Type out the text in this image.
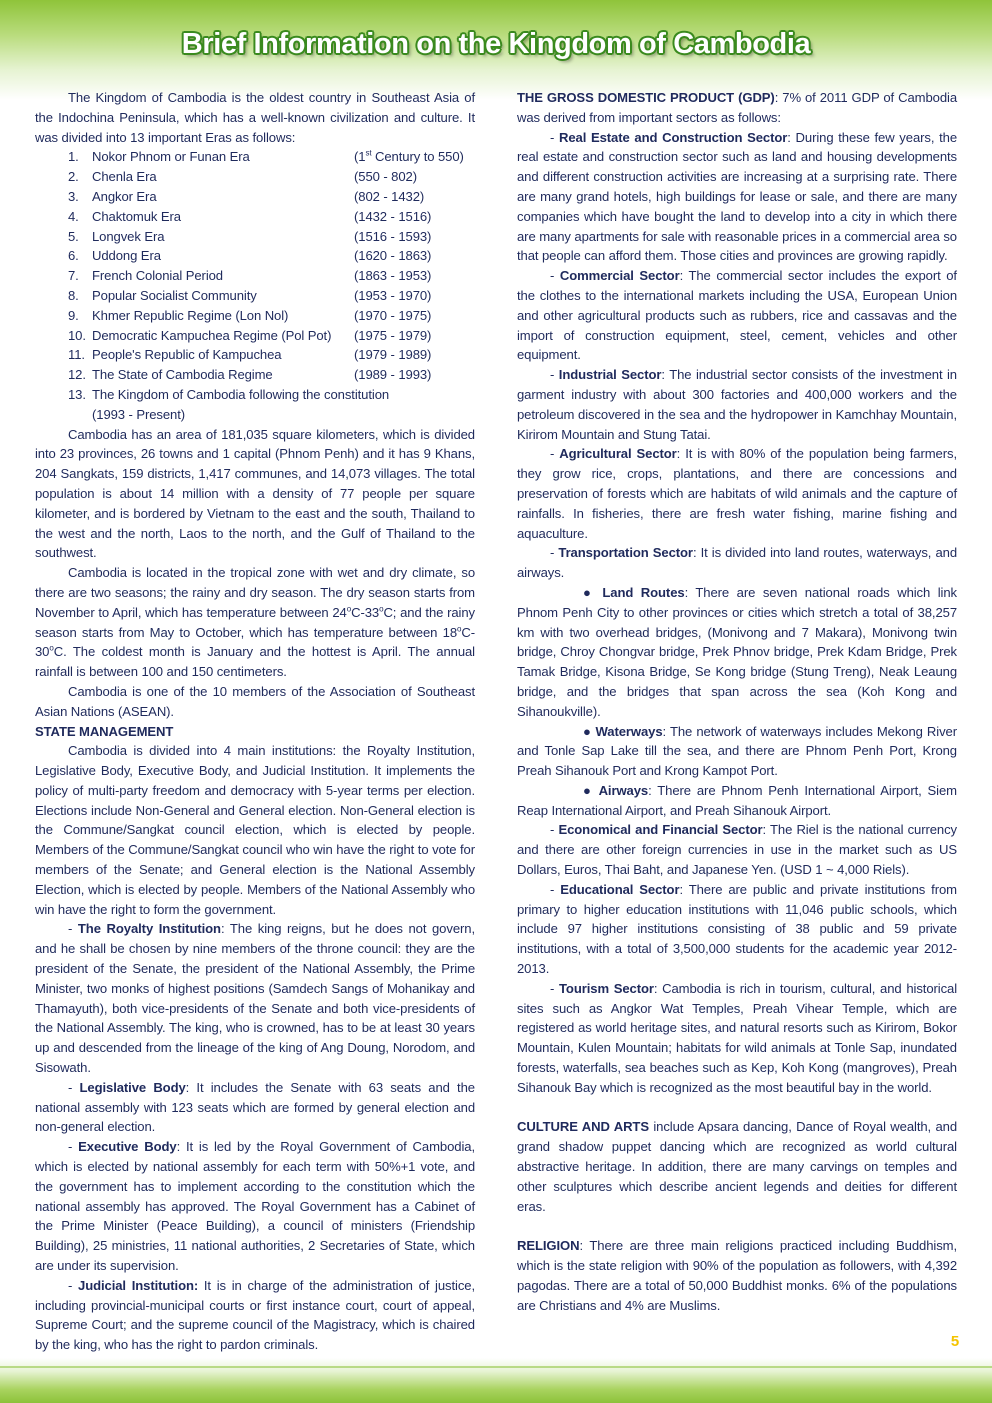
Brief Information on the Kingdom of Cambodia

The Kingdom of Cambodia is the oldest country in Southeast Asia of the Indochina Peninsula, which has a well-known civilization and culture. It was divided into 13 important Eras as follows:

1. Nokor Phnom or Funan Era	(1st Century to 550)
2. Chenla Era	(550 - 802)
3. Angkor Era	(802 - 1432)
4. Chaktomuk Era	(1432 - 1516)
5. Longvek Era	(1516 - 1593)
6. Uddong Era	(1620 - 1863)
7. French Colonial Period	(1863 - 1953)
8. Popular Socialist Community	(1953 - 1970)
9. Khmer Republic Regime (Lon Nol)	(1970 - 1975)
10. Democratic Kampuchea Regime (Pol Pot) (1975 - 1979)
11. People's Republic of Kampuchea	(1979 - 1989)
12. The State of Cambodia Regime	(1989 - 1993)
13. The Kingdom of Cambodia following the constitution
(1993 - Present)

Cambodia has an area of 181,035 square kilometers, which is divided into 23 provinces, 26 towns and 1 capital (Phnom Penh) and it has 9 Khans, 204 Sangkats, 159 districts, 1,417 communes, and 14,073 villages. The total population is about 14 million with a density of 77 people per square kilometer, and is bordered by Vietnam to the east and the south, Thailand to the west and the north, Laos to the north, and the Gulf of Thailand to the southwest.

Cambodia is located in the tropical zone with wet and dry climate, so there are two seasons; the rainy and dry season. The dry season starts from November to April, which has temperature between 24$^o$C-33$^o$C; and the rainy season starts from May to October, which has temperature between 18$^o$C-30$^o$C. The coldest month is January and the hottest is April. The annual rainfall is between 100 and 150 centimeters.

Cambodia is one of the 10 members of the Association of Southeast Asian Nations (ASEAN).

STATE MANAGEMENT

Cambodia is divided into 4 main institutions: the Royalty Institution, Legislative Body, Executive Body, and Judicial Institution. It implements the policy of multi-party freedom and democracy with 5-year terms per election. Elections include Non-General and General election. Non-General election is the Commune/Sangkat council election, which is elected by people. Members of the Commune/Sangkat council who win have the right to vote for members of the Senate; and General election is the National Assembly Election, which is elected by people. Members of the National Assembly who win have the right to form the government.

- The Royalty Institution: The king reigns, but he does not govern, and he shall be chosen by nine members of the throne council: they are the president of the Senate, the president of the National Assembly, the Prime Minister, two monks of highest positions (Samdech Sangs of Mohanikay and Thamayuth), both vice-presidents of the Senate and both vice-presidents of the National Assembly. The king, who is crowned, has to be at least 30 years up and descended from the lineage of the king of Ang Doung, Norodom, and Sisowath.

- Legislative Body: It includes the Senate with 63 seats and the national assembly with 123 seats which are formed by general election and non-general election.

- Executive Body: It is led by the Royal Government of Cambodia, which is elected by national assembly for each term with 50%+1 vote, and the government has to implement according to the constitution which the national assembly has approved. The Royal Government has a Cabinet of the Prime Minister (Peace Building), a council of ministers (Friendship Building), 25 ministries, 11 national authorities, 2 Secretaries of State, which are under its supervision.

- Judicial Institution: It is in charge of the administration of justice, including provincial-municipal courts or first instance court, court of appeal, Supreme Court; and the supreme council of the Magistracy, which is chaired by the king, who has the right to pardon criminals.

THE GROSS DOMESTIC PRODUCT (GDP): 7% of 2011 GDP of Cambodia was derived from important sectors as follows:

- Real Estate and Construction Sector: During these few years, the real estate and construction sector such as land and housing developments and different construction activities are increasing at a surprising rate. There are many grand hotels, high buildings for lease or sale, and there are many companies which have bought the land to develop into a city in which there are many apartments for sale with reasonable prices in a commercial area so that people can afford them. Those cities and provinces are growing rapidly.

- Commercial Sector: The commercial sector includes the export of the clothes to the international markets including the USA, European Union and other agricultural products such as rubbers, rice and cassavas and the import of construction equipment, steel, cement, vehicles and other equipment.

- Industrial Sector: The industrial sector consists of the investment in garment industry with about 300 factories and 400,000 workers and the petroleum discovered in the sea and the hydropower in Kamchhay Mountain, Kirirom Mountain and Stung Tatai.

- Agricultural Sector: It is with 80% of the population being farmers, they grow rice, crops, plantations, and there are concessions and preservation of forests which are habitats of wild animals and the capture of rainfalls. In fisheries, there are fresh water fishing, marine fishing and aquaculture.

- Transportation Sector: It is divided into land routes, waterways, and airways.

● Land Routes: There are seven national roads which link Phnom Penh City to other provinces or cities which stretch a total of 38,257 km with two overhead bridges, (Monivong and 7 Makara), Monivong twin bridge, Chroy Chongvar bridge, Prek Phnov bridge, Prek Kdam Bridge, Prek Tamak Bridge, Kisona Bridge, Se Kong bridge (Stung Treng), Neak Leaung bridge, and the bridges that span across the sea (Koh Kong and Sihanoukville).

● Waterways: The network of waterways includes Mekong River and Tonle Sap Lake till the sea, and there are Phnom Penh Port, Krong Preah Sihanouk Port and Krong Kampot Port.

● Airways: There are Phnom Penh International Airport, Siem Reap International Airport, and Preah Sihanouk Airport.

- Economical and Financial Sector: The Riel is the national currency and there are other foreign currencies in use in the market such as US Dollars, Euros, Thai Baht, and Japanese Yen. (USD 1 ~ 4,000 Riels).

- Educational Sector: There are public and private institutions from primary to higher education institutions with 11,046 public schools, which include 97 higher institutions consisting of 38 public and 59 private institutions, with a total of 3,500,000 students for the academic year 2012-2013.

- Tourism Sector: Cambodia is rich in tourism, cultural, and historical sites such as Angkor Wat Temples, Preah Vihear Temple, which are registered as world heritage sites, and natural resorts such as Kirirom, Bokor Mountain, Kulen Mountain; habitats for wild animals at Tonle Sap, inundated forests, waterfalls, sea beaches such as Kep, Koh Kong (mangroves), Preah Sihanouk Bay which is recognized as the most beautiful bay in the world.

CULTURE AND ARTS include Apsara dancing, Dance of Royal wealth, and grand shadow puppet dancing which are recognized as world cultural abstractive heritage. In addition, there are many carvings on temples and other sculptures which describe ancient legends and deities for different eras.

RELIGION: There are three main religions practiced including Buddhism, which is the state religion with 90% of the population as followers, with 4,392 pagodas. There are a total of 50,000 Buddhist monks. 6% of the populations are Christians and 4% are Muslims.

5
